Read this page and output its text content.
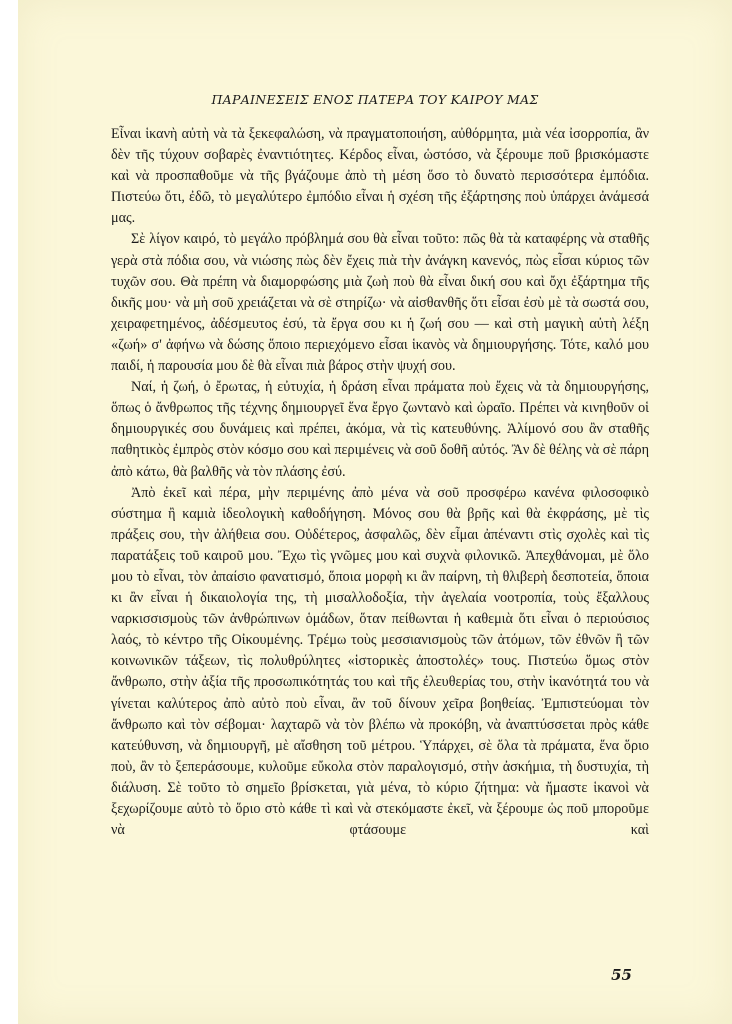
ΠΑΡΑΙΝΕΣΕΙΣ ΕΝΟΣ ΠΑΤΕΡΑ ΤΟΥ ΚΑΙΡΟΥ ΜΑΣ

Εἶναι ἱκανὴ αὐτὴ νὰ τὰ ξεκεφαλώση, νὰ πραγματοποιήση, αὐθόρμητα, μιὰ νέα ἰσορροπία, ἂν δὲν τῆς τύχουν σοβαρὲς ἐναντιότητες. Κέρδος εἶναι, ὡστόσο, νὰ ξέρουμε ποῦ βρισκόμαστε καὶ νὰ προσπαθοῦμε νὰ τῆς βγάζουμε ἀπὸ τὴ μέση ὅσο τὸ δυνατὸ περισσότερα ἐμπόδια. Πιστεύω ὅτι, ἐδῶ, τὸ μεγαλύτερο ἐμπόδιο εἶναι ἡ σχέση τῆς ἐξάρτησης ποὺ ὑπάρχει ἀνάμεσά μας.

Σὲ λίγον καιρό, τὸ μεγάλο πρόβλημά σου θὰ εἶναι τοῦτο: πῶς θὰ τὰ καταφέρης νὰ σταθῆς γερὰ στὰ πόδια σου, νὰ νιώσης πὼς δὲν ἔχεις πιὰ τὴν ἀνάγκη κανενός, πὼς εἶσαι κύριος τῶν τυχῶν σου. Θὰ πρέπη νὰ διαμορφώσης μιὰ ζωὴ ποὺ θὰ εἶναι δική σου καὶ ὄχι ἐξάρτημα τῆς δικῆς μου· νὰ μὴ σοῦ χρειάζεται νὰ σὲ στηρίζω· νὰ αἰσθανθῆς ὅτι εἶσαι ἐσὺ μὲ τὰ σωστά σου, χειραφετημένος, ἀδέσμευτος ἐσύ, τὰ ἔργα σου κι ἡ ζωή σου — καὶ στὴ μαγικὴ αὐτὴ λέξη «ζωή» σ' ἀφήνω νὰ δώσης ὅποιο περιεχόμενο εἶσαι ἱκανὸς νὰ δημιουργήσης. Τότε, καλό μου παιδί, ἡ παρουσία μου δὲ θὰ εἶναι πιὰ βάρος στὴν ψυχή σου.

Ναί, ἡ ζωή, ὁ ἔρωτας, ἡ εὐτυχία, ἡ δράση εἶναι πράματα ποὺ ἔχεις νὰ τὰ δημιουργήσης, ὅπως ὁ ἄνθρωπος τῆς τέχνης δημιουργεῖ ἕνα ἔργο ζωντανὸ καὶ ὡραῖο. Πρέπει νὰ κινηθοῦν οἱ δημιουργικές σου δυνάμεις καὶ πρέπει, ἀκόμα, νὰ τὶς κατευθύνης. Ἀλίμονό σου ἂν σταθῆς παθητικὸς ἐμπρὸς στὸν κόσμο σου καὶ περιμένεις νὰ σοῦ δοθῆ αὐτός. Ἂν δὲ θέλης νὰ σὲ πάρη ἀπὸ κάτω, θὰ βαλθῆς νὰ τὸν πλάσης ἐσύ.

Ἀπὸ ἐκεῖ καὶ πέρα, μὴν περιμένης ἀπὸ μένα νὰ σοῦ προσφέρω κανένα φιλοσοφικὸ σύστημα ἢ καμιὰ ἰδεολογικὴ καθοδήγηση. Μόνος σου θὰ βρῆς καὶ θὰ ἐκφράσης, μὲ τὶς πράξεις σου, τὴν ἀλήθεια σου. Οὐδέτερος, ἀσφαλῶς, δὲν εἶμαι ἀπέναντι στὶς σχολὲς καὶ τὶς παρατάξεις τοῦ καιροῦ μου. Ἔχω τὶς γνῶμες μου καὶ συχνὰ φιλονικῶ. Ἀπεχθάνομαι, μὲ ὅλο μου τὸ εἶναι, τὸν ἀπαίσιο φανατισμό, ὅποια μορφὴ κι ἂν παίρνη, τὴ θλιβερὴ δεσποτεία, ὅποια κι ἂν εἶναι ἡ δικαιολογία της, τὴ μισαλλοδοξία, τὴν ἀγελαία νοοτροπία, τοὺς ἔξαλλους ναρκισσισμοὺς τῶν ἀνθρώπινων ὁμάδων, ὅταν πείθωνται ἡ καθεμιὰ ὅτι εἶναι ὁ περιούσιος λαός, τὸ κέντρο τῆς Οἰκουμένης. Τρέμω τοὺς μεσσιανισμοὺς τῶν ἀτόμων, τῶν ἐθνῶν ἢ τῶν κοινωνικῶν τάξεων, τὶς πολυθρύλητες «ἱστορικὲς ἀποστολές» τους. Πιστεύω ὅμως στὸν ἄνθρωπο, στὴν ἀξία τῆς προσωπικότητάς του καὶ τῆς ἐλευθερίας του, στὴν ἱκανότητά του νὰ γίνεται καλύτερος ἀπὸ αὐτὸ ποὺ εἶναι, ἂν τοῦ δίνουν χεῖρα βοηθείας. Ἐμπιστεύομαι τὸν ἄνθρωπο καὶ τὸν σέβομαι· λαχταρῶ νὰ τὸν βλέπω νὰ προκόβη, νὰ ἀναπτύσσεται πρὸς κάθε κατεύθυνση, νὰ δημιουργῆ, μὲ αἴσθηση τοῦ μέτρου. Ὑπάρχει, σὲ ὅλα τὰ πράματα, ἕνα ὅριο ποὺ, ἂν τὸ ξεπεράσουμε, κυλοῦμε εὔκολα στὸν παραλογισμό, στὴν ἀσκήμια, τὴ δυστυχία, τὴ διάλυση. Σὲ τοῦτο τὸ σημεῖο βρίσκεται, γιὰ μένα, τὸ κύριο ζήτημα: νὰ ἤμαστε ἱκανοὶ νὰ ξεχωρίζουμε αὐτὸ τὸ ὅριο στὸ κάθε τὶ καὶ νὰ στεκόμαστε ἐκεῖ, νὰ ξέρουμε ὡς ποῦ μποροῦμε νὰ φτάσουμε καὶ

55
